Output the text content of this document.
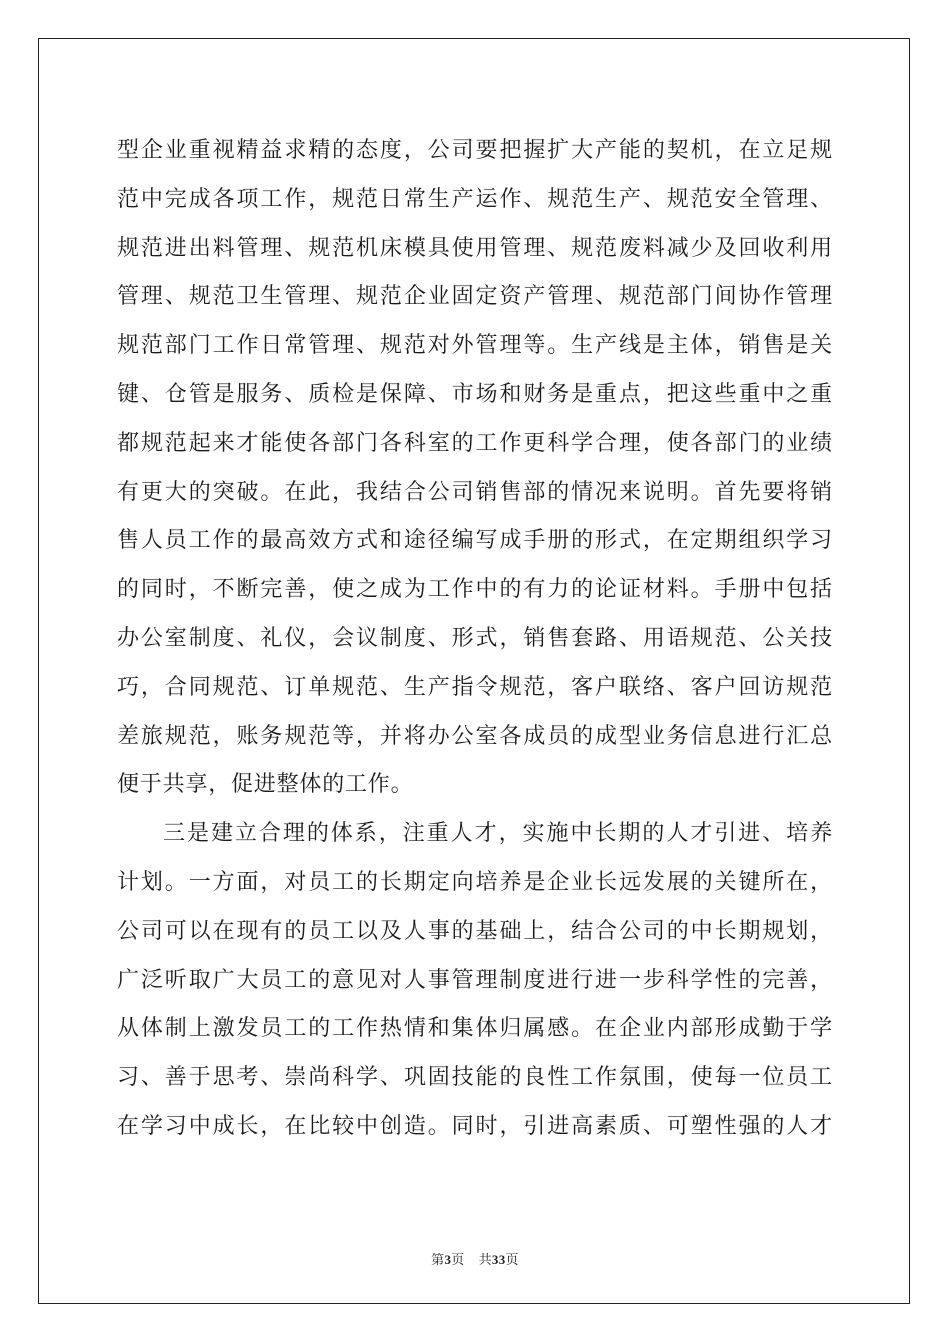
型企业重视精益求精的态度，公司要把握扩大产能的契机，在立足规
范中完成各项工作，规范日常生产运作、规范生产、规范安全管理、
规范进出料管理、规范机床模具使用管理、规范废料减少及回收利用
管理、规范卫生管理、规范企业固定资产管理、规范部门间协作管理
规范部门工作日常管理、规范对外管理等。生产线是主体，销售是关
键、仓管是服务、质检是保障、市场和财务是重点，把这些重中之重
都规范起来才能使各部门各科室的工作更科学合理，使各部门的业绩
有更大的突破。在此，我结合公司销售部的情况来说明。首先要将销
售人员工作的最高效方式和途径编写成手册的形式，在定期组织学习
的同时，不断完善，使之成为工作中的有力的论证材料。手册中包括
办公室制度、礼仪，会议制度、形式，销售套路、用语规范、公关技
巧，合同规范、订单规范、生产指令规范，客户联络、客户回访规范
差旅规范，账务规范等，并将办公室各成员的成型业务信息进行汇总
便于共享，促进整体的工作。
三是建立合理的体系，注重人才，实施中长期的人才引进、培养
计划。一方面，对员工的长期定向培养是企业长远发展的关键所在，
公司可以在现有的员工以及人事的基础上，结合公司的中长期规划，
广泛听取广大员工的意见对人事管理制度进行进一步科学性的完善，
从体制上激发员工的工作热情和集体归属感。在企业内部形成勤于学
习、善于思考、崇尚科学、巩固技能的良性工作氛围，使每一位员工
在学习中成长，在比较中创造。同时，引进高素质、可塑性强的人才
第3页 共33页
